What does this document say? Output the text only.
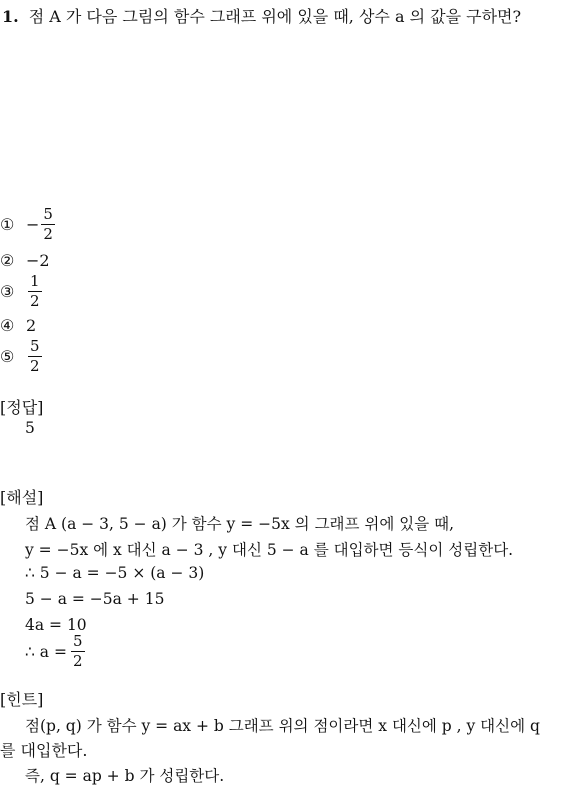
1. 점 A 가 다음 그림의 함수 그래프 위에 있을 때, 상수 a 의 값을 구하면?
① − $\frac{5}{2}$
② −2
③ $\frac{1}{2}$
④ 2
⑤ $\frac{5}{2}$
[정답]
5
[해설]
점 A (a − 3, 5 − a) 가 함수 y = −5x 의 그래프 위에 있을 때,
y = −5x 에 x 대신 a − 3 , y 대신 5 − a 를 대입하면 등식이 성립한다.
∴ 5 − a = −5 × (a − 3)
5 − a = −5a + 15
4a = 10
∴ $a = \frac{5}{2}$
[힌트]
점(p, q) 가 함수 y = ax + b 그래프 위의 점이라면 x 대신에 p , y 대신에 q
를 대입한다.
즉, q = ap + b 가 성립한다.
